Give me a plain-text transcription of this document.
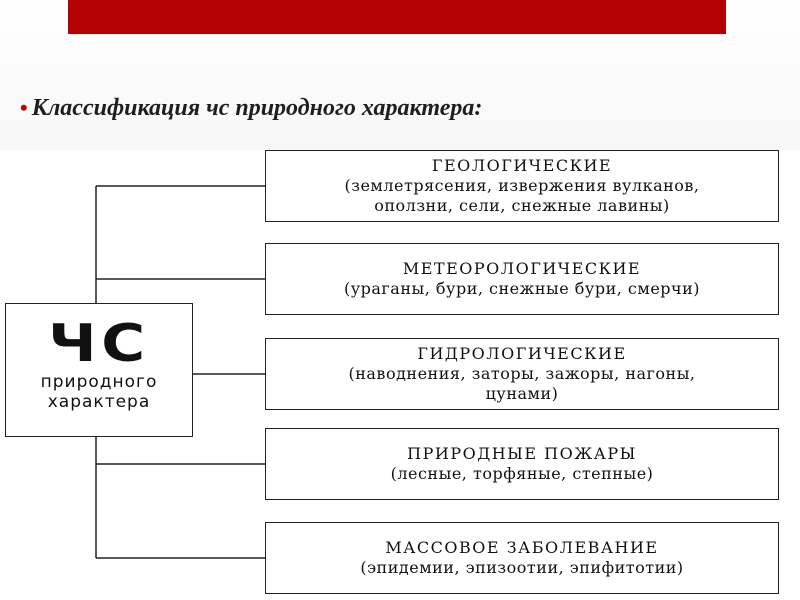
• Классификация чс природного характера:
ЧС
природного
характера
ГЕОЛОГИЧЕСКИЕ
(землетрясения, извержения вулканов,
оползни, сели, снежные лавины)
МЕТЕОРОЛОГИЧЕСКИЕ
(ураганы, бури, снежные бури, смерчи)
ГИДРОЛОГИЧЕСКИЕ
(наводнения, заторы, зажоры, нагоны,
цунами)
ПРИРОДНЫЕ ПОЖАРЫ
(лесные, торфяные, степные)
МАССОВОЕ ЗАБОЛЕВАНИЕ
(эпидемии, эпизоотии, эпифитотии)
